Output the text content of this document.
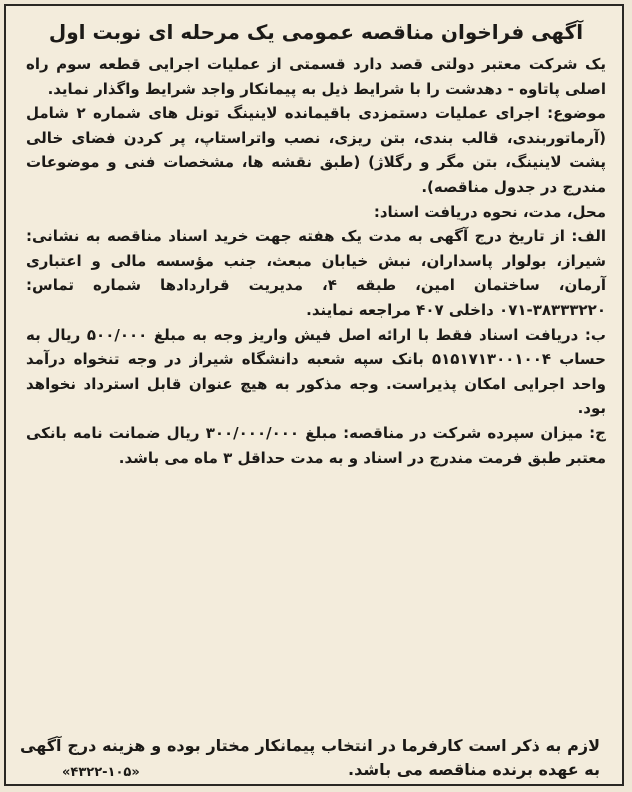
آگهی فراخوان مناقصه عمومی یک مرحله ای نوبت اول

یک شرکت معتبر دولتی قصد دارد قسمتی از عملیات اجرایی قطعه سوم راه اصلی پاتاوه - دهدشت را با شرایط ذیل به پیمانکار واجد شرایط واگذار نماید.

موضوع: اجرای عملیات دستمزدی باقیمانده لاینینگ تونل های شماره ۲ شامل (آرماتوربندی، قالب بندی، بتن ریزی، نصب واتراستاپ، پر کردن فضای خالی پشت لاینینگ، بتن مگر و رگلاژ) (طبق نقشه ها، مشخصات فنی و موضوعات مندرج در جدول مناقصه).

محل، مدت، نحوه دریافت اسناد:

الف: از تاریخ درج آگهی به مدت یک هفته جهت خرید اسناد مناقصه به نشانی: شیراز، بولوار پاسداران، نبش خیابان مبعث، جنب مؤسسه مالی و اعتباری آرمان، ساختمان امین، طبقه ۴، مدیریت قراردادها شماره تماس: ۳۸۳۳۳۲۲۰-۰۷۱ داخلی ۴۰۷ مراجعه نمایند.

ب: دریافت اسناد فقط با ارائه اصل فیش واریز وجه به مبلغ ۵۰۰/۰۰۰ ریال به حساب ۵۱۵۱۷۱۳۰۰۱۰۰۴ بانک سپه شعبه دانشگاه شیراز در وجه تنخواه درآمد واحد اجرایی امکان پذیراست. وجه مذکور به هیچ عنوان قابل استرداد نخواهد بود.

ج: میزان سپرده شرکت در مناقصه: مبلغ ۳۰۰/۰۰۰/۰۰۰ ریال ضمانت نامه بانکی معتبر طبق فرمت مندرج در اسناد و به مدت حداقل ۳ ماه می باشد.

لازم به ذکر است کارفرما در انتخاب پیمانکار مختار بوده و هزینه درج آگهی به عهده برنده مناقصه می باشد.

«۴۳۲۲-۱۰۵»
